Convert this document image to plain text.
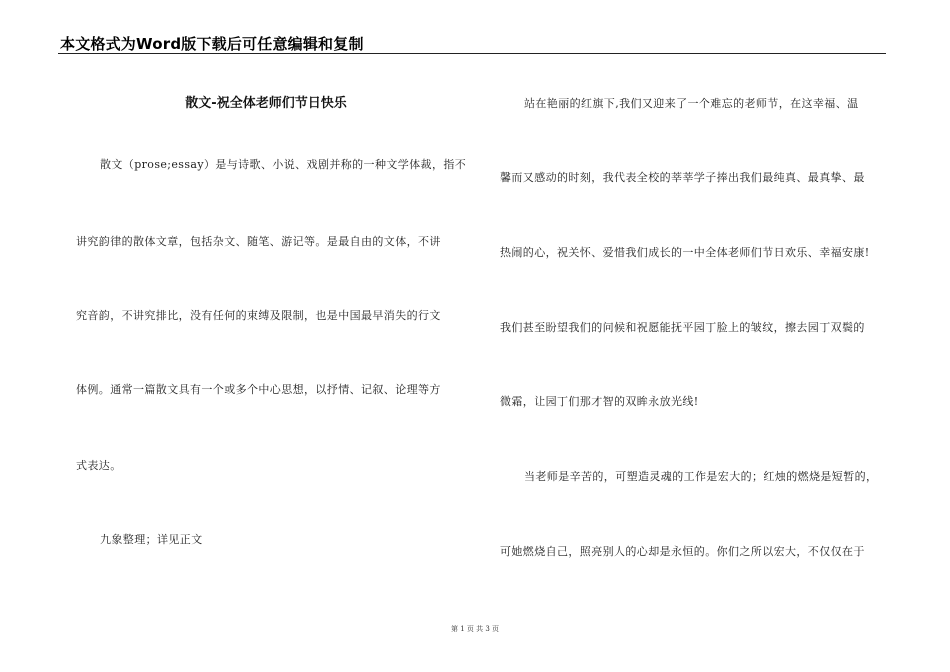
本文格式为Word版下载后可任意编辑和复制
散文-祝全体老师们节日快乐
散文（prose;essay）是与诗歌、小说、戏剧并称的一种文学体裁，指不
讲究韵律的散体文章，包括杂文、随笔、游记等。是最自由的文体，不讲
究音韵，不讲究排比，没有任何的束缚及限制，也是中国最早消失的行文
体例。通常一篇散文具有一个或多个中心思想，以抒情、记叙、论理等方
式表达。
九象整理；详见正文
站在艳丽的红旗下,我们又迎来了一个难忘的老师节，在这幸福、温
馨而又感动的时刻，我代表全校的莘莘学子捧出我们最纯真、最真挚、最
热闹的心，祝关怀、爱惜我们成长的一中全体老师们节日欢乐、幸福安康!
我们甚至盼望我们的问候和祝愿能抚平园丁脸上的皱纹，擦去园丁双鬓的
微霜，让园丁们那才智的双眸永放光线!
当老师是辛苦的，可塑造灵魂的工作是宏大的；红烛的燃烧是短暂的，
可她燃烧自己，照亮别人的心却是永恒的。你们之所以宏大，不仅仅在于
第 1 页 共 3 页
